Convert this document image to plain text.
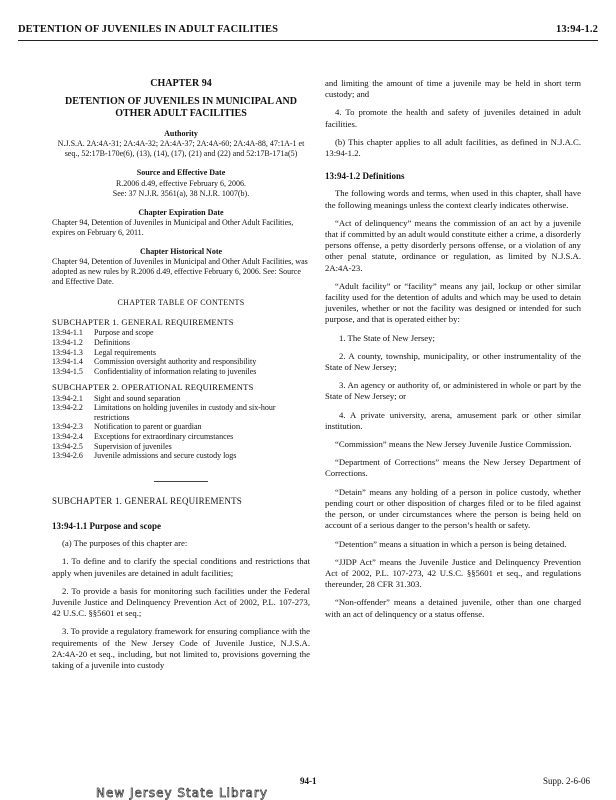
DETENTION OF JUVENILES IN ADULT FACILITIES	13:94-1.2

CHAPTER 94

DETENTION OF JUVENILES IN MUNICIPAL AND OTHER ADULT FACILITIES

Authority

N.J.S.A. 2A:4A-31; 2A:4A-32; 2A:4A-37; 2A:4A-60; 2A:4A-88, 47:1A-1 et seq., 52:17B-170e(6), (13), (14), (17), (21) and (22) and 52:17B-171a(5)

Source and Effective Date

R.2006 d.49, effective February 6, 2006.

See: 37 N.J.R. 3561(a), 38 N.J.R. 1007(b).

Chapter Expiration Date

Chapter 94, Detention of Juveniles in Municipal and Other Adult Facilities, expires on February 6, 2011.

Chapter Historical Note

Chapter 94, Detention of Juveniles in Municipal and Other Adult Facilities, was adopted as new rules by R.2006 d.49, effective February 6, 2006. See: Source and Effective Date.

CHAPTER TABLE OF CONTENTS

SUBCHAPTER 1. GENERAL REQUIREMENTS

13:94-1.1	Purpose and scope
13:94-1.2	Definitions
13:94-1.3	Legal requirements
13:94-1.4	Commission oversight authority and responsibility
13:94-1.5	Confidentiality of information relating to juveniles

SUBCHAPTER 2. OPERATIONAL REQUIREMENTS

13:94-2.1	Sight and sound separation
13:94-2.2	Limitations on holding juveniles in custody and six-hour restrictions
13:94-2.3	Notification to parent or guardian
13:94-2.4	Exceptions for extraordinary circumstances
13:94-2.5	Supervision of juveniles
13:94-2.6	Juvenile admissions and secure custody logs

SUBCHAPTER 1. GENERAL REQUIREMENTS

13:94-1.1 Purpose and scope

(a) The purposes of this chapter are:

1. To define and to clarify the special conditions and restrictions that apply when juveniles are detained in adult facilities;

2. To provide a basis for monitoring such facilities under the Federal Juvenile Justice and Delinquency Prevention Act of 2002, P.L. 107-273, 42 U.S.C. §§5601 et seq.;

3. To provide a regulatory framework for ensuring compliance with the requirements of the New Jersey Code of Juvenile Justice, N.J.S.A. 2A:4A-20 et seq., including, but not limited to, provisions governing the taking of a juvenile into custody

and limiting the amount of time a juvenile may be held in short term custody; and

4. To promote the health and safety of juveniles detained in adult facilities.

(b) This chapter applies to all adult facilities, as defined in N.J.A.C. 13:94-1.2.

13:94-1.2 Definitions

The following words and terms, when used in this chapter, shall have the following meanings unless the context clearly indicates otherwise.

“Act of delinquency” means the commission of an act by a juvenile that if committed by an adult would constitute either a crime, a disorderly persons offense, a petty disorderly persons offense, or a violation of any other penal statute, ordinance or regulation, as limited by N.J.S.A. 2A:4A-23.

“Adult facility” or “facility” means any jail, lockup or other similar facility used for the detention of adults and which may be used to detain juveniles, whether or not the facility was designed or intended for such purpose, and that is operated either by:

1. The State of New Jersey;

2. A county, township, municipality, or other instrumentality of the State of New Jersey;

3. An agency or authority of, or administered in whole or part by the State of New Jersey; or

4. A private university, arena, amusement park or other similar institution.

“Commission” means the New Jersey Juvenile Justice Commission.

“Department of Corrections” means the New Jersey Department of Corrections.

“Detain” means any holding of a person in police custody, whether pending court or other disposition of charges filed or to be filed against the person, or under circumstances where the person is being held on account of a serious danger to the person’s health or safety.

“Detention” means a situation in which a person is being detained.

“JJDP Act” means the Juvenile Justice and Delinquency Prevention Act of 2002, P.L. 107-273, 42 U.S.C. §§5601 et seq., and regulations thereunder, 28 CFR 31.303.

“Non-offender” means a detained juvenile, other than one charged with an act of delinquency or a status offense.

94-1	Supp. 2-6-06
New Jersey State Library
